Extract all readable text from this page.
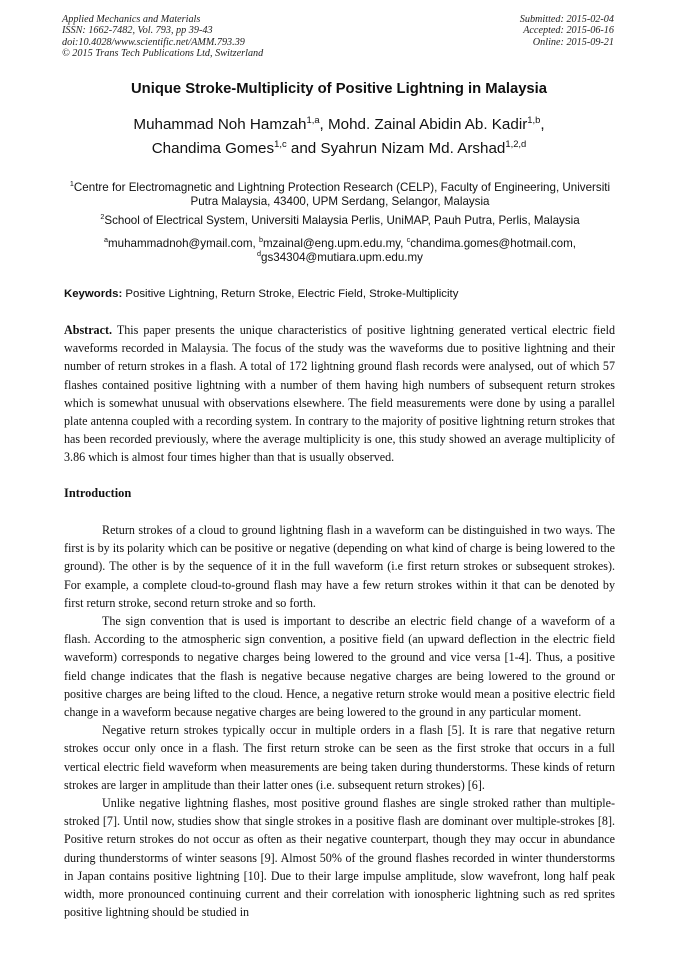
Applied Mechanics and Materials
ISSN: 1662-7482, Vol. 793, pp 39-43
doi:10.4028/www.scientific.net/AMM.793.39
© 2015 Trans Tech Publications Ltd, Switzerland
Submitted: 2015-02-04
Accepted: 2015-06-16
Online: 2015-09-21
Unique Stroke-Multiplicity of Positive Lightning in Malaysia
Muhammad Noh Hamzah$^{1,a}$, Mohd. Zainal Abidin Ab. Kadir$^{1,b}$,
Chandima Gomes$^{1,c}$ and Syahrun Nizam Md. Arshad$^{1,2,d}$
$^1$Centre for Electromagnetic and Lightning Protection Research (CELP), Faculty of Engineering, Universiti Putra Malaysia, 43400, UPM Serdang, Selangor, Malaysia
$^2$School of Electrical System, Universiti Malaysia Perlis, UniMAP, Pauh Putra, Perlis, Malaysia
$^a$muhammadnoh@ymail.com, $^b$mzainal@eng.upm.edu.my, $^c$chandima.gomes@hotmail.com,
$^d$gs34304@mutiara.upm.edu.my
Keywords: Positive Lightning, Return Stroke, Electric Field, Stroke-Multiplicity

Abstract. This paper presents the unique characteristics of positive lightning generated vertical electric field waveforms recorded in Malaysia. The focus of the study was the waveforms due to positive lightning and their number of return strokes in a flash. A total of 172 lightning ground flash records were analysed, out of which 57 flashes contained positive lightning with a number of them having high numbers of subsequent return strokes which is somewhat unusual with observations elsewhere. The field measurements were done by using a parallel plate antenna coupled with a recording system. In contrary to the majority of positive lightning return strokes that has been recorded previously, where the average multiplicity is one, this study showed an average multiplicity of 3.86 which is almost four times higher than that is usually observed.

Introduction

Return strokes of a cloud to ground lightning flash in a waveform can be distinguished in two ways. The first is by its polarity which can be positive or negative (depending on what kind of charge is being lowered to the ground). The other is by the sequence of it in the full waveform (i.e first return strokes or subsequent strokes). For example, a complete cloud-to-ground flash may have a few return strokes within it that can be denoted by first return stroke, second return stroke and so forth.

The sign convention that is used is important to describe an electric field change of a waveform of a flash. According to the atmospheric sign convention, a positive field (an upward deflection in the electric field waveform) corresponds to negative charges being lowered to the ground and vice versa [1-4]. Thus, a positive field change indicates that the flash is negative because negative charges are being lowered to the ground or positive charges are being lifted to the cloud. Hence, a negative return stroke would mean a positive electric field change in a waveform because negative charges are being lowered to the ground in any particular moment.

Negative return strokes typically occur in multiple orders in a flash [5]. It is rare that negative return strokes occur only once in a flash. The first return stroke can be seen as the first stroke that occurs in a full vertical electric field waveform when measurements are being taken during thunderstorms. These kinds of return strokes are larger in amplitude than their latter ones (i.e. subsequent return strokes) [6].

Unlike negative lightning flashes, most positive ground flashes are single stroked rather than multiple-stroked [7]. Until now, studies show that single strokes in a positive flash are dominant over multiple-strokes [8]. Positive return strokes do not occur as often as their negative counterpart, though they may occur in abundance during thunderstorms of winter seasons [9]. Almost 50% of the ground flashes recorded in winter thunderstorms in Japan contains positive lightning [10]. Due to their large impulse amplitude, slow wavefront, long half peak width, more pronounced continuing current and their correlation with ionospheric lightning such as red sprites positive lightning should be studied in
